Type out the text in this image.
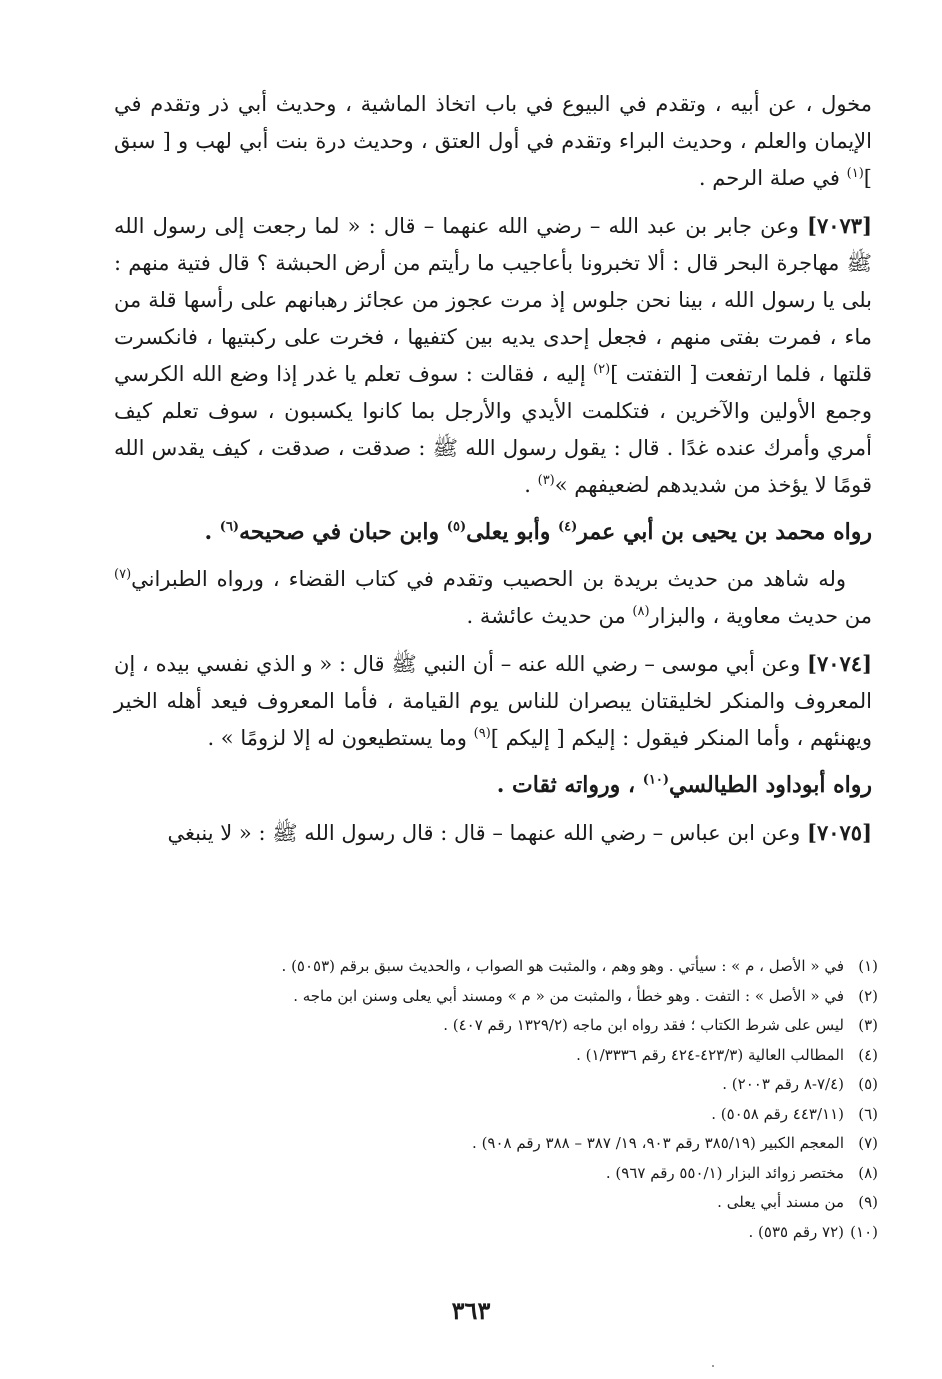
مخول ، عن أبيه ، وتقدم في البيوع في باب اتخاذ الماشية ، وحديث أبي ذر وتقدم في الإيمان والعلم ، وحديث البراء وتقدم في أول العتق ، وحديث درة بنت أبي لهب و [ سبق ]$^{(١)}$ في صلة الرحم .

[٧٠٧٣] وعن جابر بن عبد الله – رضي الله عنهما – قال : « لما رجعت إلى رسول الله ﷺ مهاجرة البحر قال : ألا تخبرونا بأعاجيب ما رأيتم من أرض الحبشة ؟ قال فتية منهم : بلى يا رسول الله ، بينا نحن جلوس إذ مرت عجوز من عجائز رهبانهم على رأسها قلة من ماء ، فمرت بفتى منهم ، فجعل إحدى يديه بين كتفيها ، فخرت على ركبتيها ، فانكسرت قلتها ، فلما ارتفعت [ التفتت ]$^{(٢)}$ إليه ، فقالت : سوف تعلم يا غدر إذا وضع الله الكرسي وجمع الأولين والآخرين ، فتكلمت الأيدي والأرجل بما كانوا يكسبون ، سوف تعلم كيف أمري وأمرك عنده غدًا . قال : يقول رسول الله ﷺ : صدقت ، صدقت ، كيف يقدس الله قومًا لا يؤخذ من شديدهم لضعيفهم »$^{(٣)}$ .

رواه محمد بن يحيى بن أبي عمر$^{(٤)}$ وأبو يعلى$^{(٥)}$ وابن حبان في صحيحه$^{(٦)}$ .

وله شاهد من حديث بريدة بن الحصيب وتقدم في كتاب القضاء ، ورواه الطبراني$^{(٧)}$ من حديث معاوية ، والبزار$^{(٨)}$ من حديث عائشة .

[٧٠٧٤] وعن أبي موسى – رضي الله عنه – أن النبي ﷺ قال : « و الذي نفسي بيده ، إن المعروف والمنكر لخليقتان يبصران للناس يوم القيامة ، فأما المعروف فيعد أهله الخير ويهنئهم ، وأما المنكر فيقول : إليكم [ إليكم ]$^{(٩)}$ وما يستطيعون له إلا لزومًا » .

رواه أبوداود الطيالسي$^{(١٠)}$ ، ورواته ثقات .

[٧٠٧٥] وعن ابن عباس – رضي الله عنهما – قال : قال رسول الله ﷺ : « لا ينبغي

(١)في « الأصل ، م » : سيأتي . وهو وهم ، والمثبت هو الصواب ، والحديث سبق برقم (٥٠٥٣) .
(٢)في « الأصل » : التفت . وهو خطأ ، والمثبت من « م » ومسند أبي يعلى وسنن ابن ماجه .
(٣)ليس على شرط الكتاب ؛ فقد رواه ابن ماجه (١٣٢٩/٢ رقم ٤٠٧) .
(٤)المطالب العالية (٤٢٣/٣-٤٢٤ رقم ١/٣٣٣٦) .
(٥)(٧/٤-٨ رقم ٢٠٠٣) .
(٦)(٤٤٣/١١ رقم ٥٠٥٨) .
(٧)المعجم الكبير (٣٨٥/١٩ رقم ٩٠٣، ١٩/ ٣٨٧ – ٣٨٨ رقم ٩٠٨) .
(٨)مختصر زوائد البزار (٥٥٠/١ رقم ٩٦٧) .
(٩)من مسند أبي يعلى .
(١٠)(٧٢ رقم ٥٣٥) .
٣٦٣
